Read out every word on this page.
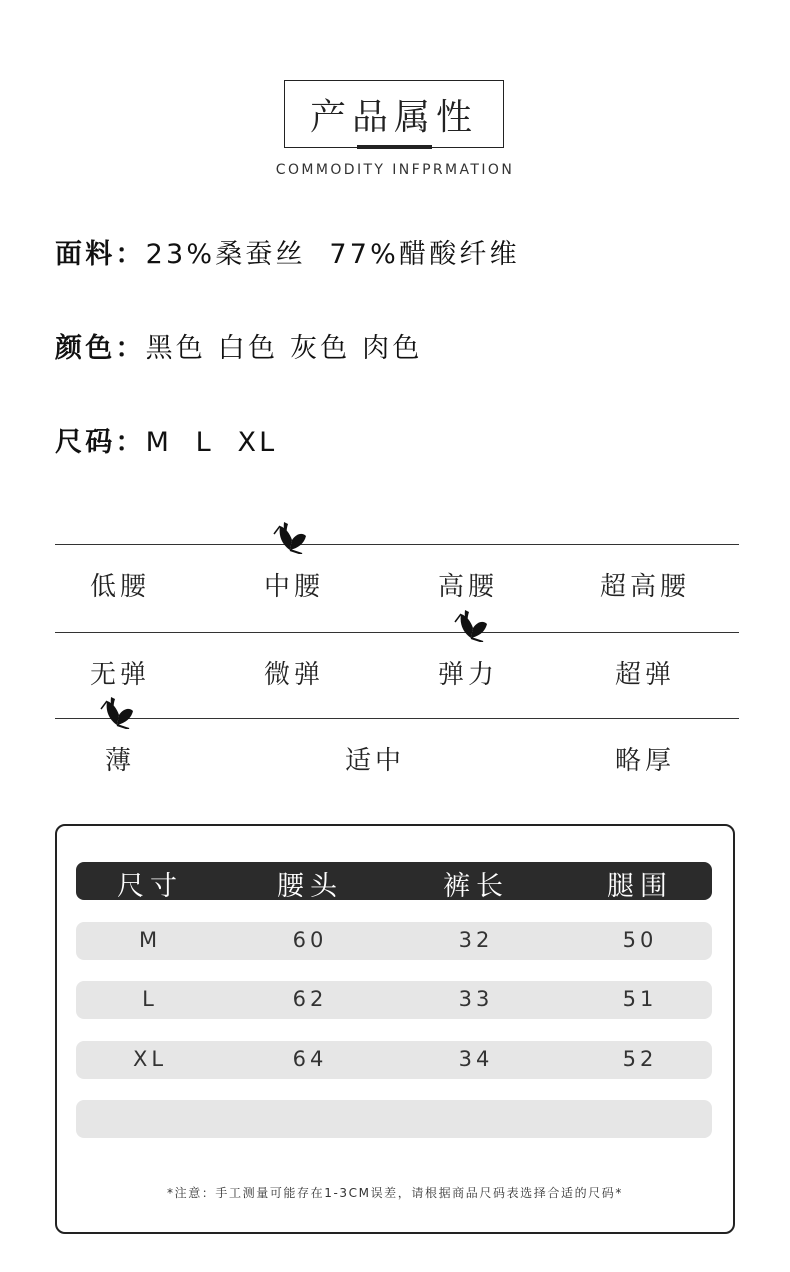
产品属性
COMMODITY INFPRMATION
面料：23%桑蚕丝  77%醋酸纤维
颜色：黑色 白色 灰色 肉色
尺码：M  L  XL
低腰	中腰	高腰	超高腰
无弹	微弹	弹力	超弹
薄	适中	略厚
尺寸	腰头	裤长	腿围
M	60	32	50
L	62	33	51
XL	64	34	52
*注意：手工测量可能存在1-3CM误差，请根据商品尺码表选择合适的尺码*
